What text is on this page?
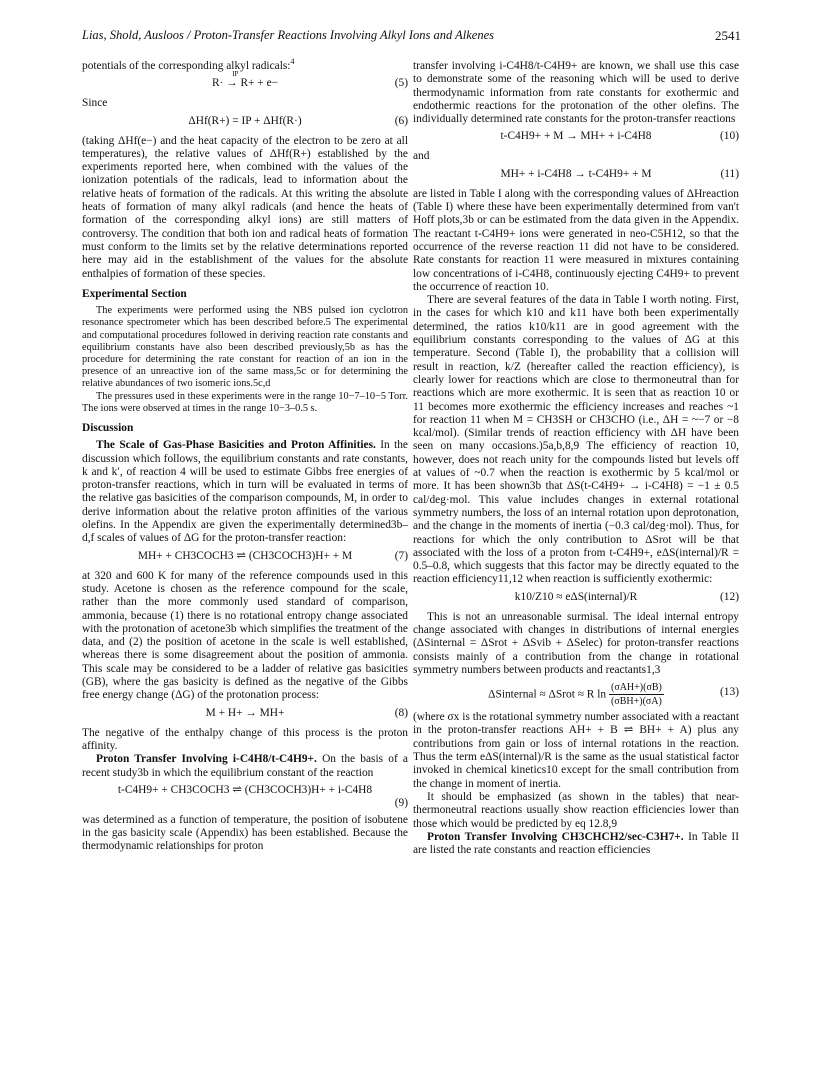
Lias, Shold, Ausloos / Proton-Transfer Reactions Involving Alkyl Ions and Alkenes	2541

potentials of the corresponding alkyl radicals:$^4$

R·
IP
→ R+ + e−	(5)

Since

ΔHf(R+) = IP + ΔHf(R·)	(6)

(taking ΔHf(e−) and the heat capacity of the electron to be zero at all temperatures), the relative values of ΔHf(R+) established by the experiments reported here, when combined with the values of the ionization potentials of the radicals, lead to information about the relative heats of formation of the radicals. At this writing the absolute heats of formation of many alkyl radicals (and hence the heats of formation of the corresponding alkyl ions) are still matters of controversy. The condition that both ion and radical heats of formation must conform to the limits set by the relative determinations reported here may aid in the establishment of the values for the absolute enthalpies of formation of these species.

Experimental Section

The experiments were performed using the NBS pulsed ion cyclotron resonance spectrometer which has been described before.5 The experimental and computational procedures followed in deriving reaction rate constants and equilibrium constants have also been described previously,5b as has the procedure for determining the rate constant for reaction of an ion in the presence of an unreactive ion of the same mass,5c or for determining the relative abundances of two isomeric ions.5c,d

The pressures used in these experiments were in the range 10−7–10−5 Torr. The ions were observed at times in the range 10−3–0.5 s.

Discussion

The Scale of Gas-Phase Basicities and Proton Affinities. In the discussion which follows, the equilibrium constants and rate constants, k and k′, of reaction 4 will be used to estimate Gibbs free energies of proton-transfer reactions, which in turn will be evaluated in terms of the relative gas basicities of the comparison compounds, M, in order to derive information about the relative proton affinities of the various olefins. In the Appendix are given the experimentally determined3b–d,f scales of values of ΔG for the proton-transfer reaction:

MH+ + CH3COCH3 ⇌ (CH3COCH3)H+ + M	(7)

at 320 and 600 K for many of the reference compounds used in this study. Acetone is chosen as the reference compound for the scale, rather than the more commonly used standard of comparison, ammonia, because (1) there is no rotational entropy change associated with the protonation of acetone3b which simplifies the treatment of the data, and (2) the position of acetone in the scale is well established, whereas there is some disagreement about the position of ammonia. This scale may be considered to be a ladder of relative gas basicities (GB), where the gas basicity is defined as the negative of the Gibbs free energy change (ΔG) of the protonation process:

M + H+ → MH+	(8)

The negative of the enthalpy change of this process is the proton affinity.

Proton Transfer Involving i-C4H8/t-C4H9+. On the basis of a recent study3b in which the equilibrium constant of the reaction

t-C4H9+ + CH3COCH3 ⇌ (CH3COCH3)H+ + i-C4H8
(9)

was determined as a function of temperature, the position of isobutene in the gas basicity scale (Appendix) has been established. Because the thermodynamic relationships for proton

transfer involving i-C4H8/t-C4H9+ are known, we shall use this case to demonstrate some of the reasoning which will be used to derive thermodynamic information from rate constants for exothermic and endothermic reactions for the protonation of the other olefins. The individually determined rate constants for the proton-transfer reactions

t-C4H9+ + M → MH+ + i-C4H8	(10)

and

MH+ + i-C4H8 → t-C4H9+ + M	(11)

are listed in Table I along with the corresponding values of ΔHreaction (Table I) where these have been experimentally determined from van't Hoff plots,3b or can be estimated from the data given in the Appendix. The reactant t-C4H9+ ions were generated in neo-C5H12, so that the occurrence of the reverse reaction 11 did not have to be considered. Rate constants for reaction 11 were measured in mixtures containing low concentrations of i-C4H8, continuously ejecting C4H9+ to prevent the occurrence of reaction 10.

There are several features of the data in Table I worth noting. First, in the cases for which k10 and k11 have both been experimentally determined, the ratios k10/k11 are in good agreement with the equilibrium constants corresponding to the values of ΔG at this temperature. Second (Table I), the probability that a collision will result in reaction, k/Z (hereafter called the reaction efficiency), is clearly lower for reactions which are close to thermoneutral than for reactions which are more exothermic. It is seen that as reaction 10 or 11 becomes more exothermic the efficiency increases and reaches ~1 for reaction 11 when M = CH3SH or CH3CHO (i.e., ΔH = ~−7 or −8 kcal/mol). (Similar trends of reaction efficiency with ΔH have been seen on many occasions.)5a,b,8,9 The efficiency of reaction 10, however, does not reach unity for the compounds listed but levels off at values of ~0.7 when the reaction is exothermic by 5 kcal/mol or more. It has been shown3b that ΔS(t-C4H9+ → i-C4H8) = −1 ± 0.5 cal/deg·mol. This value includes changes in external rotational symmetry numbers, the loss of an internal rotation upon deprotonation, and the change in the moments of inertia (−0.3 cal/deg·mol). Thus, for reactions for which the only contribution to ΔSrot will be that associated with the loss of a proton from t-C4H9+, eΔS(internal)/R = 0.5–0.8, which suggests that this factor may be directly equated to the reaction efficiency11,12 when reaction is sufficiently exothermic:

k10/Z10 ≈ eΔS(internal)/R	(12)

This is not an unreasonable surmisal. The ideal internal entropy change associated with changes in distributions of internal energies (ΔSinternal = ΔSrot + ΔSvib + ΔSelec) for proton-transfer reactions consists mainly of a contribution from the change in rotational symmetry numbers between products and reactants1,3

ΔSinternal ≈ ΔSrot ≈ R $\ln \frac{\text{(σAH+)(σB)}}{\text{(σBH+)(σA)}}$	(13)

(where σx is the rotational symmetry number associated with a reactant in the proton-transfer reactions AH+ + B ⇌ BH+ + A) plus any contributions from gain or loss of internal rotations in the reaction. Thus the term eΔS(internal)/R is the same as the usual statistical factor invoked in chemical kinetics10 except for the small contribution from the change in moment of inertia.

It should be emphasized (as shown in the tables) that near-thermoneutral reactions usually show reaction efficiencies lower than those which would be predicted by eq 12.8,9

Proton Transfer Involving CH3CHCH2/sec-C3H7+. In Table II are listed the rate constants and reaction efficiencies
